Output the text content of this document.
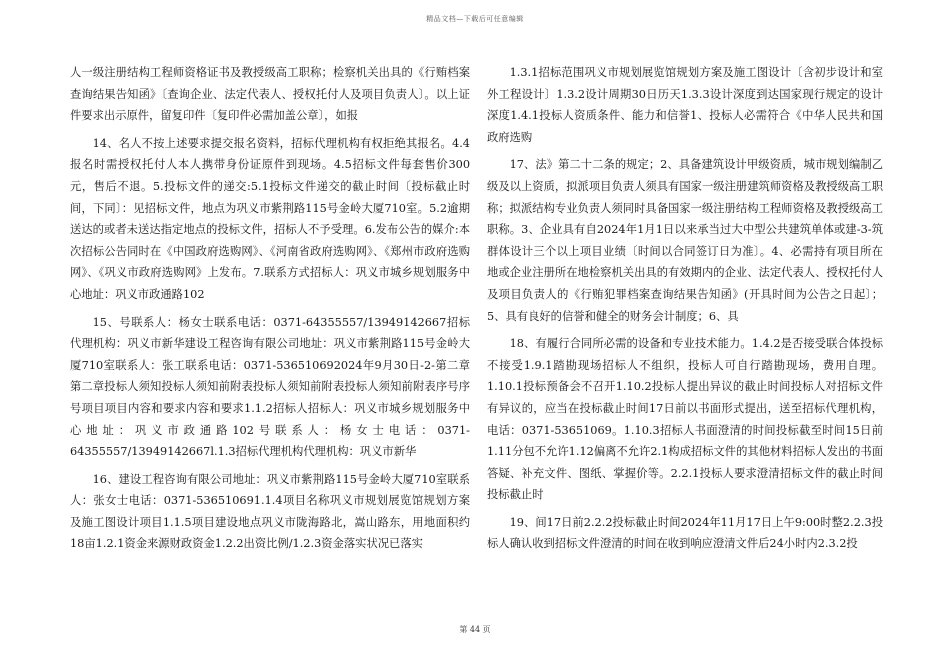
精品文档—下载后可任意编辑

人一级注册结构工程师资格证书及教授级高工职称；检察机关出具的《行贿档案查询结果告知函》〔查询企业、法定代表人、授权托付人及项目负责人〕。以上证件要求出示原件，留复印件〔复印件必需加盖公章〕，如报

14、名人不按上述要求提交报名资料，招标代理机构有权拒绝其报名。4.4报名时需授权托付人本人携带身份证原件到现场。4.5招标文件每套售价300元，售后不退。5.投标文件的递交:5.1投标文件递交的截止时间〔投标截止时间，下同〕：见招标文件，地点为巩义市紫荆路115号金岭大厦710室。5.2逾期送达的或者未送达指定地点的投标文件，招标人不予受理。6.发布公告的媒介:本次招标公告同时在《中国政府选购网》、《河南省政府选购网》、《郑州市政府选购网》、《巩义市政府选购网》上发布。7.联系方式招标人：巩义市城乡规划服务中心地址：巩义市政通路102

15、号联系人：杨女士联系电话：0371-64355557/13949142667招标代理机构：巩义市新华建设工程咨询有限公司地址：巩义市紫荆路115号金岭大厦710室联系人：张工联系电话：0371-536510692024年9月30日-2-第二章第二章投标人须知投标人须知前附表投标人须知前附表投标人须知前附表序号序号项目项目内容和要求内容和要求1.1.2招标人招标人：巩义市城乡规划服务中心地址：巩义市政通路102号联系人：杨女士电话：0371-64355557/13949142667l.1.3招标代理机构代理机构：巩义市新华

16、建设工程咨询有限公司地址：巩义市紫荆路115号金岭大厦710室联系人：张女士电话：0371-536510691.1.4项目名称巩义市规划展览馆规划方案及施工图设计项目1.1.5项目建设地点巩义市陇海路北，嵩山路东，用地面积约18亩1.2.1资金来源财政资金1.2.2出资比例/1.2.3资金落实状况已落实

1.3.1招标范围巩义市规划展览馆规划方案及施工图设计〔含初步设计和室外工程设计〕1.3.2设计周期30日历天1.3.3设计深度到达国家现行规定的设计深度1.4.1投标人资质条件、能力和信誉1、投标人必需符合《中华人民共和国政府选购

17、法》第二十二条的规定；2、具备建筑设计甲级资质，城市规划编制乙级及以上资质，拟派项目负责人须具有国家一级注册建筑师资格及教授级高工职称；拟派结构专业负责人须同时具备国家一级注册结构工程师资格及教授级高工职称。3、企业具有自2024年1月1日以来承当过大中型公共建筑单体或建-3-筑群体设计三个以上项目业绩〔时间以合同签订日为准〕。4、必需持有项目所在地或企业注册所在地检察机关出具的有效期内的企业、法定代表人、授权托付人及项目负责人的《行贿犯罪档案查询结果告知函》(开具时间为公告之日起〕；5、具有良好的信誉和健全的财务会计制度；6、具

18、有履行合同所必需的设备和专业技术能力。1.4.2是否接受联合体投标不接受1.9.1踏勘现场招标人不组织，投标人可自行踏勘现场，费用自理。1.10.1投标预备会不召开1.10.2投标人提出异议的截止时间投标人对招标文件有异议的，应当在投标截止时间17日前以书面形式提出，送至招标代理机构，电话：0371-53651069。1.10.3招标人书面澄清的时间投标截至时间15日前1.11分包不允许1.12偏离不允许2.1构成招标文件的其他材料招标人发出的书面答疑、补充文件、图纸、掌握价等。2.2.1投标人要求澄清招标文件的截止时间投标截止时

19、间17日前2.2.2投标截止时间2024年11月17日上午9:00时整2.2.3投标人确认收到招标文件澄清的时间在收到响应澄清文件后24小时内2.3.2投

第 44 页
